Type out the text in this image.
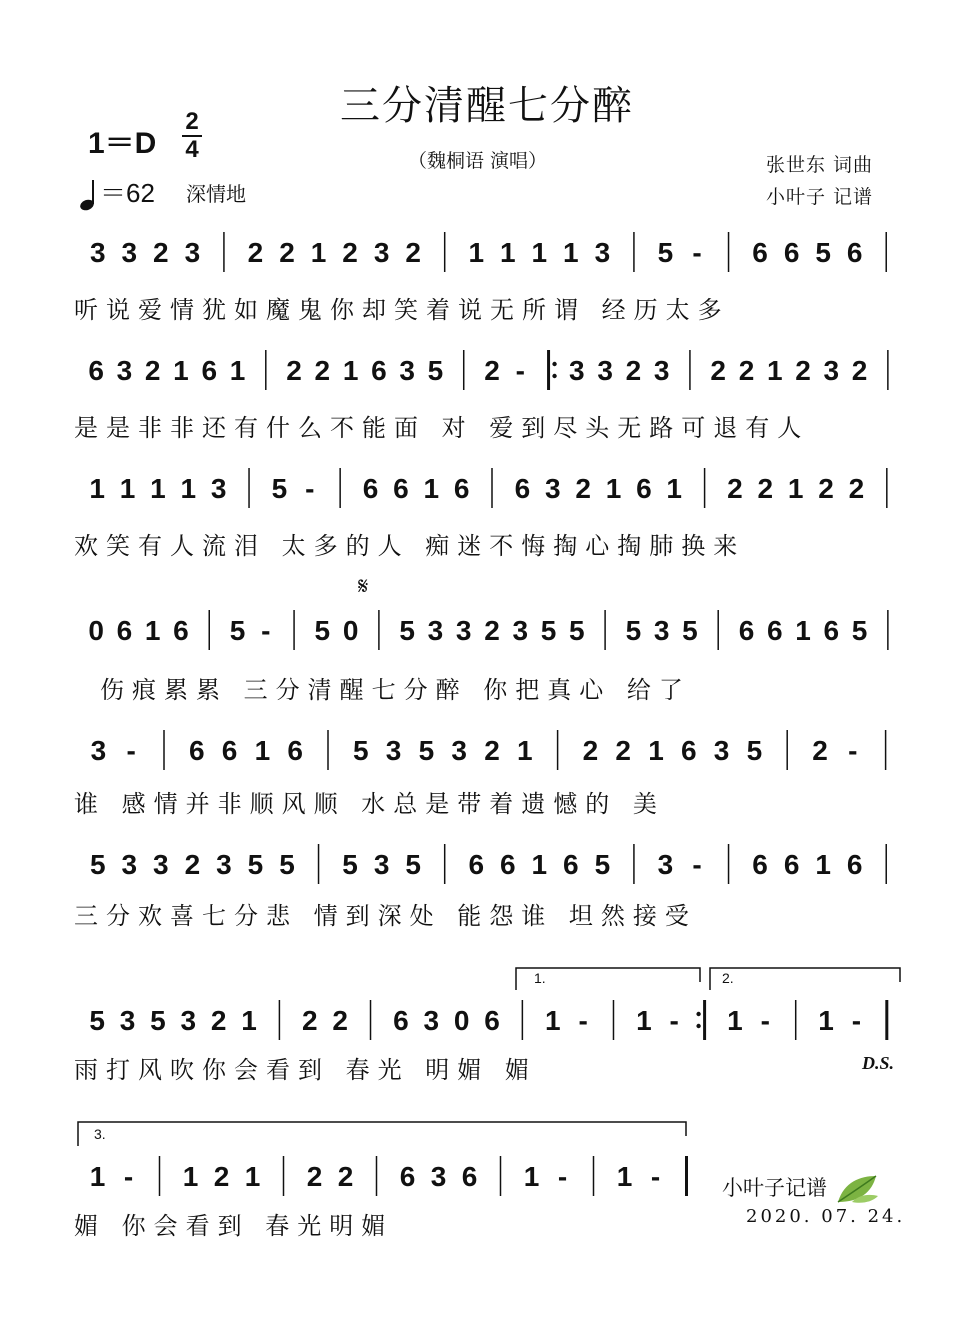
三分清醒七分醉
1＝D
2
4
＝62 深情地
（魏桐语 演唱）	张世东 词曲
小叶子 记谱
3 3 2 3 2 2 1 2 3 2 1 1 1 1 3 5 - 6 6 5 6
听说爱情犹如魔鬼你却笑着说无所谓 经历太多
6 3 2 1 6 1 2 2 1 6 3 5 2 - 3 3 2 3 2 2 1 2 3 2
是是非非还有什么不能面 对 爱到尽头无路可退有人
1 1 1 1 3 5 - 6 6 1 6 6 3 2 1 6 1 2 2 1 2 2
欢笑有人流泪 太多的人 痴迷不悔掏心掏肺换来
𝄋
0 6 1 6 5 - 5 0 5 3 3 2 3 5 5 5 3 5 6 6 1 6 5
伤痕累累 三分清醒七分醉 你把真心 给了
3 - 6 6 1 6 5 3 5 3 2 1 2 2 1 6 3 5 2 -
谁 感情并非顺风顺 水总是带着遗憾的 美
5 3 3 2 3 5 5 5 3 5 6 6 1 6 5 3 - 6 6 1 6
三分欢喜七分悲 情到深处 能怨谁 坦然接受
1.	2.
5 3 5 3 2 1 2 2 6 3 0 6 1 - 1 - 1 - 1 -
雨打风吹你会看到 春光 明媚 媚	D.S.
3.
1 - 1 2 1 2 2 6 3 6 1 - 1 -
媚 你会看到 春光明媚
小叶子记谱
2020. 07. 24.
